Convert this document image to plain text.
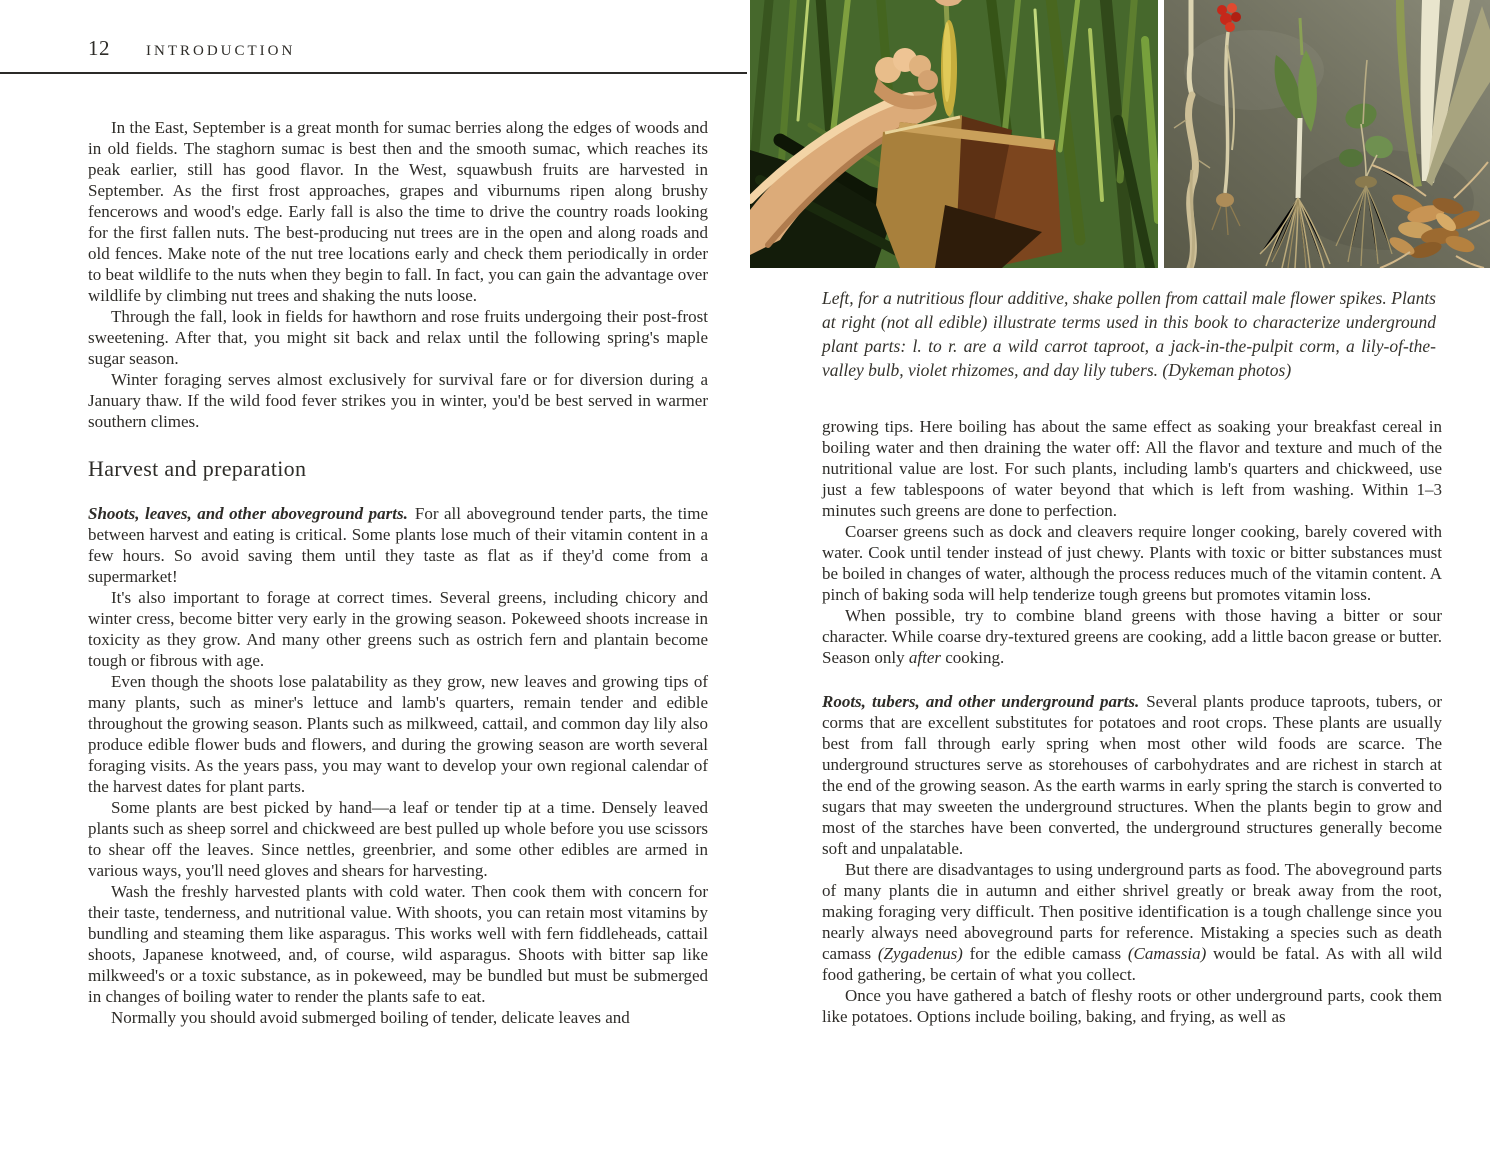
12 INTRODUCTION

In the East, September is a great month for sumac berries along the edges of woods and in old fields. The staghorn sumac is best then and the smooth sumac, which reaches its peak earlier, still has good flavor. In the West, squawbush fruits are harvested in September. As the first frost approaches, grapes and viburnums ripen along brushy fencerows and wood's edge. Early fall is also the time to drive the country roads looking for the first fallen nuts. The best-producing nut trees are in the open and along roads and old fences. Make note of the nut tree locations early and check them periodically in order to beat wildlife to the nuts when they begin to fall. In fact, you can gain the advantage over wildlife by climbing nut trees and shaking the nuts loose.

Through the fall, look in fields for hawthorn and rose fruits undergoing their post-frost sweetening. After that, you might sit back and relax until the following spring's maple sugar season.

Winter foraging serves almost exclusively for survival fare or for diversion during a January thaw. If the wild food fever strikes you in winter, you'd be best served in warmer southern climes.

Harvest and preparation

Shoots, leaves, and other aboveground parts. For all aboveground tender parts, the time between harvest and eating is critical. Some plants lose much of their vitamin content in a few hours. So avoid saving them until they taste as flat as if they'd come from a supermarket!

It's also important to forage at correct times. Several greens, including chicory and winter cress, become bitter very early in the growing season. Pokeweed shoots increase in toxicity as they grow. And many other greens such as ostrich fern and plantain become tough or fibrous with age.

Even though the shoots lose palatability as they grow, new leaves and growing tips of many plants, such as miner's lettuce and lamb's quarters, remain tender and edible throughout the growing season. Plants such as milkweed, cattail, and common day lily also produce edible flower buds and flowers, and during the growing season are worth several foraging visits. As the years pass, you may want to develop your own regional calendar of the harvest dates for plant parts.

Some plants are best picked by hand—a leaf or tender tip at a time. Densely leaved plants such as sheep sorrel and chickweed are best pulled up whole before you use scissors to shear off the leaves. Since nettles, greenbrier, and some other edibles are armed in various ways, you'll need gloves and shears for harvesting.

Wash the freshly harvested plants with cold water. Then cook them with concern for their taste, tenderness, and nutritional value. With shoots, you can retain most vitamins by bundling and steaming them like asparagus. This works well with fern fiddleheads, cattail shoots, Japanese knotweed, and, of course, wild asparagus. Shoots with bitter sap like milkweed's or a toxic substance, as in pokeweed, may be bundled but must be submerged in changes of boiling water to render the plants safe to eat.

Normally you should avoid submerged boiling of tender, delicate leaves and

Left, for a nutritious flour additive, shake pollen from cattail male flower spikes. Plants at right (not all edible) illustrate terms used in this book to characterize underground plant parts: l. to r. are a wild carrot taproot, a jack-in-the-pulpit corm, a lily-of-the-valley bulb, violet rhizomes, and day lily tubers. (Dykeman photos)

growing tips. Here boiling has about the same effect as soaking your breakfast cereal in boiling water and then draining the water off: All the flavor and texture and much of the nutritional value are lost. For such plants, including lamb's quarters and chickweed, use just a few tablespoons of water beyond that which is left from washing. Within 1–3 minutes such greens are done to perfection.

Coarser greens such as dock and cleavers require longer cooking, barely covered with water. Cook until tender instead of just chewy. Plants with toxic or bitter substances must be boiled in changes of water, although the process reduces much of the vitamin content. A pinch of baking soda will help tenderize tough greens but promotes vitamin loss.

When possible, try to combine bland greens with those having a bitter or sour character. While coarse dry-textured greens are cooking, add a little bacon grease or butter. Season only after cooking.

Roots, tubers, and other underground parts. Several plants produce taproots, tubers, or corms that are excellent substitutes for potatoes and root crops. These plants are usually best from fall through early spring when most other wild foods are scarce. The underground structures serve as storehouses of carbohydrates and are richest in starch at the end of the growing season. As the earth warms in early spring the starch is converted to sugars that may sweeten the underground structures. When the plants begin to grow and most of the starches have been converted, the underground structures generally become soft and unpalatable.

But there are disadvantages to using underground parts as food. The aboveground parts of many plants die in autumn and either shrivel greatly or break away from the root, making foraging very difficult. Then positive identification is a tough challenge since you nearly always need aboveground parts for reference. Mistaking a species such as death camass (Zygadenus) for the edible camass (Camassia) would be fatal. As with all wild food gathering, be certain of what you collect.

Once you have gathered a batch of fleshy roots or other underground parts, cook them like potatoes. Options include boiling, baking, and frying, as well as
